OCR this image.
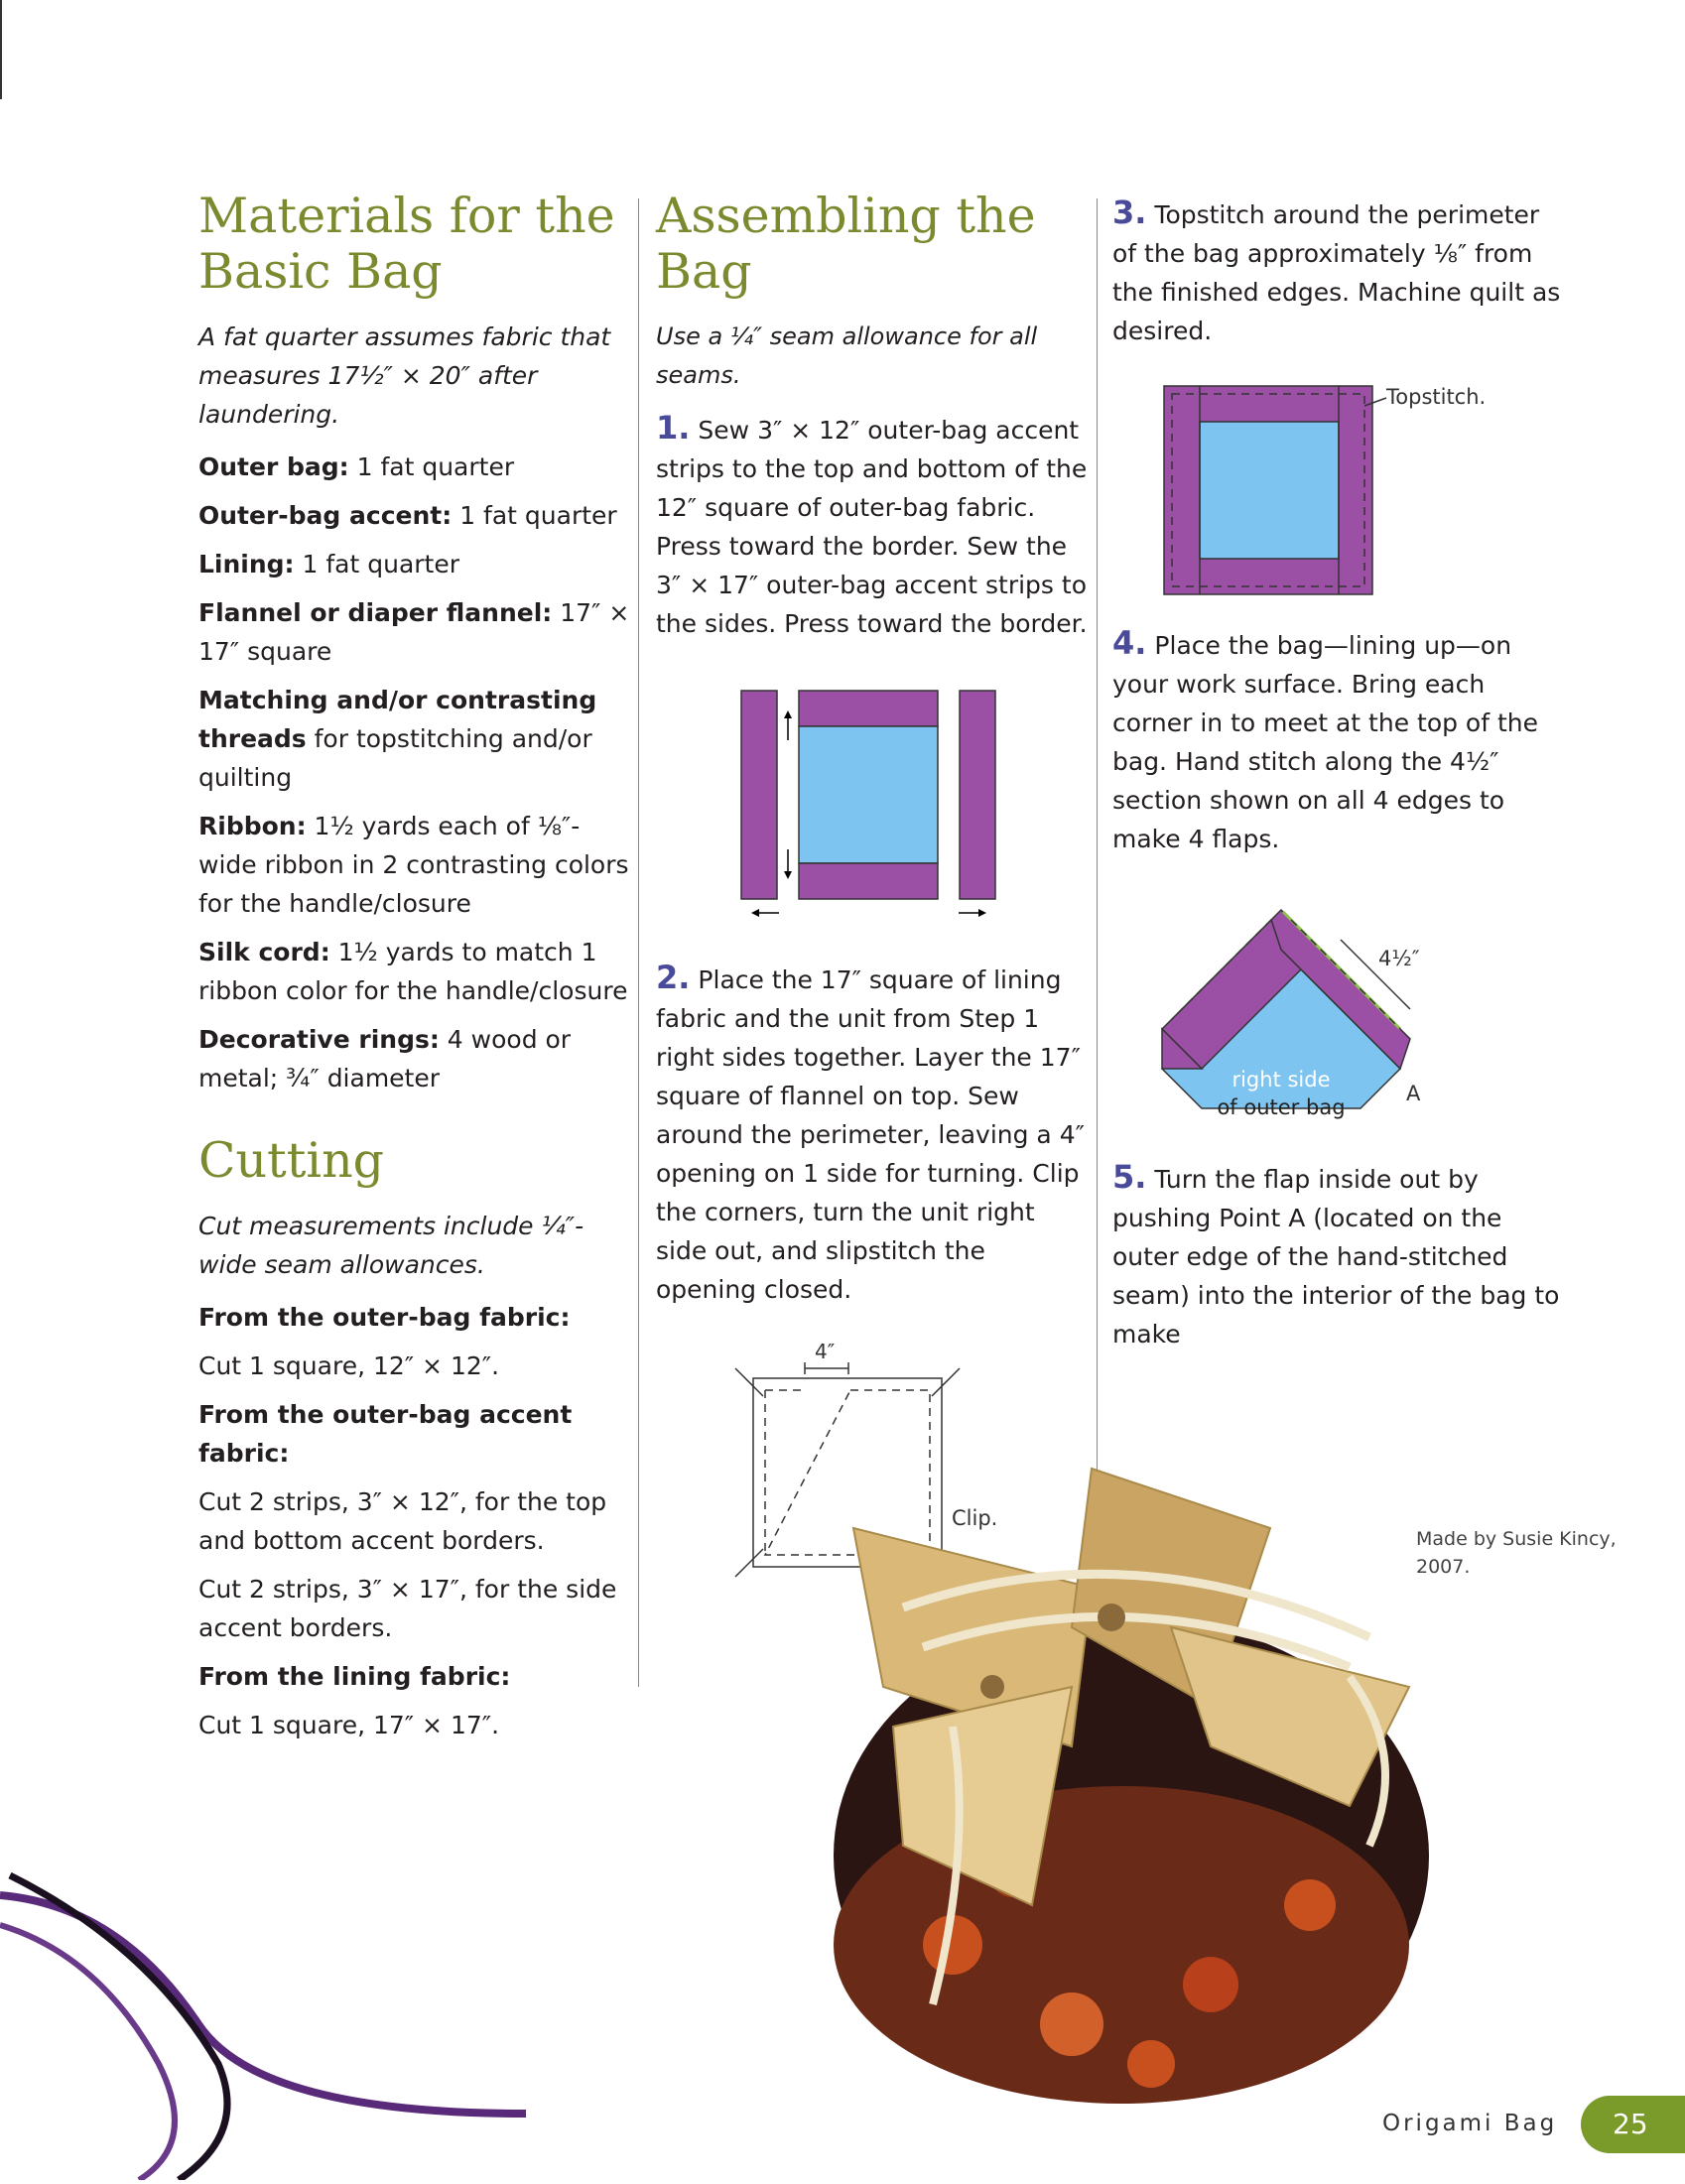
Materials for the Basic Bag
A fat quarter assumes fabric that measures 17½″ × 20″ after laundering.

Outer bag: 1 fat quarter

Outer-bag accent: 1 fat quarter

Lining: 1 fat quarter

Flannel or diaper flannel: 17″ × 17″ square

Matching and/or contrasting threads for topstitching and/or quilting

Ribbon: 1½ yards each of ⅛″-wide ribbon in 2 contrasting colors for the handle/closure

Silk cord: 1½ yards to match 1 ribbon color for the handle/closure

Decorative rings: 4 wood or metal; ¾″ diameter

Cutting
Cut measurements include ¼″-wide seam allowances.

From the outer-bag fabric:

Cut 1 square, 12″ × 12″.

From the outer-bag accent fabric:

Cut 2 strips, 3″ × 12″, for the top and bottom accent borders.

Cut 2 strips, 3″ × 17″, for the side accent borders.

From the lining fabric:

Cut 1 square, 17″ × 17″.

Assembling the Bag
Use a ¼″ seam allowance for all seams.

1. Sew 3″ × 12″ outer-bag accent strips to the top and bottom of the 12″ square of outer-bag fabric. Press toward the border. Sew the 3″ × 17″ outer-bag accent strips to the sides. Press toward the border.

2. Place the 17″ square of lining fabric and the unit from Step 1 right sides together. Layer the 17″ square of flannel on top. Sew around the perimeter, leaving a 4″ opening on 1 side for turning. Clip the corners, turn the unit right side out, and slipstitch the opening closed.

4″
Clip.

3. Topstitch around the perimeter of the bag approximately ⅛″ from the finished edges. Machine quilt as desired.

Topstitch.

4. Place the bag—lining up—on your work surface. Bring each corner in to meet at the top of the bag. Hand stitch along the 4½″ section shown on all 4 edges to make 4 flaps.

4½″
A
right side
of outer bag

5. Turn the flap inside out by pushing Point A (located on the outer edge of the hand-stitched seam) into the interior of the bag to make

Made by Susie Kincy,
2007.
Origami Bag	25
